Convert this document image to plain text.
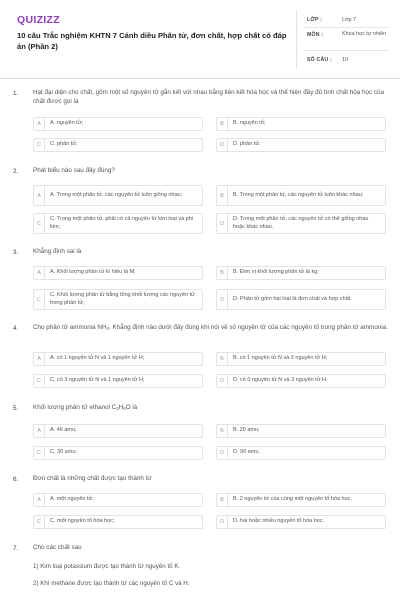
QUIZIZZ
10 câu Trắc nghiệm KHTN 7 Cánh diều Phân tử, đơn chất, hợp chất có đáp án (Phần 2)
LỚP :	Lớp 7
MÔN :	Khoa học tự nhiên
SỐ CÂU : 10
1. Hạt đại diện cho chất, gồm một số nguyên tử gắn kết với nhau bằng liên kết hóa học và thể hiện đầy đủ tính chất hóa học của chất được gọi là
A	A. nguyên tử;	B	B. nguyên tố;
C	C. phân tử;	D	D. phân tử.
2. Phát biểu nào sau đây đúng?
A	A. Trong một phân tử, các nguyên tử luôn giống nhau;	B	B. Trong một phân tử, các nguyên tử luôn khác nhau;
C
C. Trong một phân tử, phải có cả nguyên tử kim loại và phi kim;	D
D. Trong một phân tử, các nguyên tử có thể giống nhau hoặc khác nhau.
3. Khẳng định sai là
A	A. Khối lượng phân tử kí hiệu là M;	B	B. Đơn vị khối lượng phân tử là kg;
C
C. Khối lượng phân tử bằng tổng khối lượng các nguyên tử trong phân tử;	D	D. Phân tử gồm hai loại là đơn chất và hợp chất.
4. Cho phân tử ammonia $NH_3$. Khẳng định nào dưới đây đúng khi nói về số nguyên tử của các nguyên tố trong phân tử ammonia.
A	A. có 1 nguyên tử N và 1 nguyên tử H;	B	B. có 1 nguyên tử N và 3 nguyên tử H;
C	C. có 3 nguyên tử N và 1 nguyên tử H;	D	D. có 0 nguyên tử N và 3 nguyên tử H.
5. Khối lượng phân tử ethanol $C_2H_6O$ là
A	A. 46 amu;	B	B. 29 amu;
C	C. 30 amu;	D	D. 90 amu.
6. Đơn chất là những chất được tạo thành từ
A	A. một nguyên tử;	B	B. 2 nguyên tử của cùng một nguyên tố hóa học;
C	C. một nguyên tố hóa học;	D	D. hai hoặc nhiều nguyên tố hóa học.
7. Cho các chất sau
1) Kim loại potassium được tạo thành từ nguyên tố K.
2) Khí methane được tạo thành từ các nguyên tố C và H.
